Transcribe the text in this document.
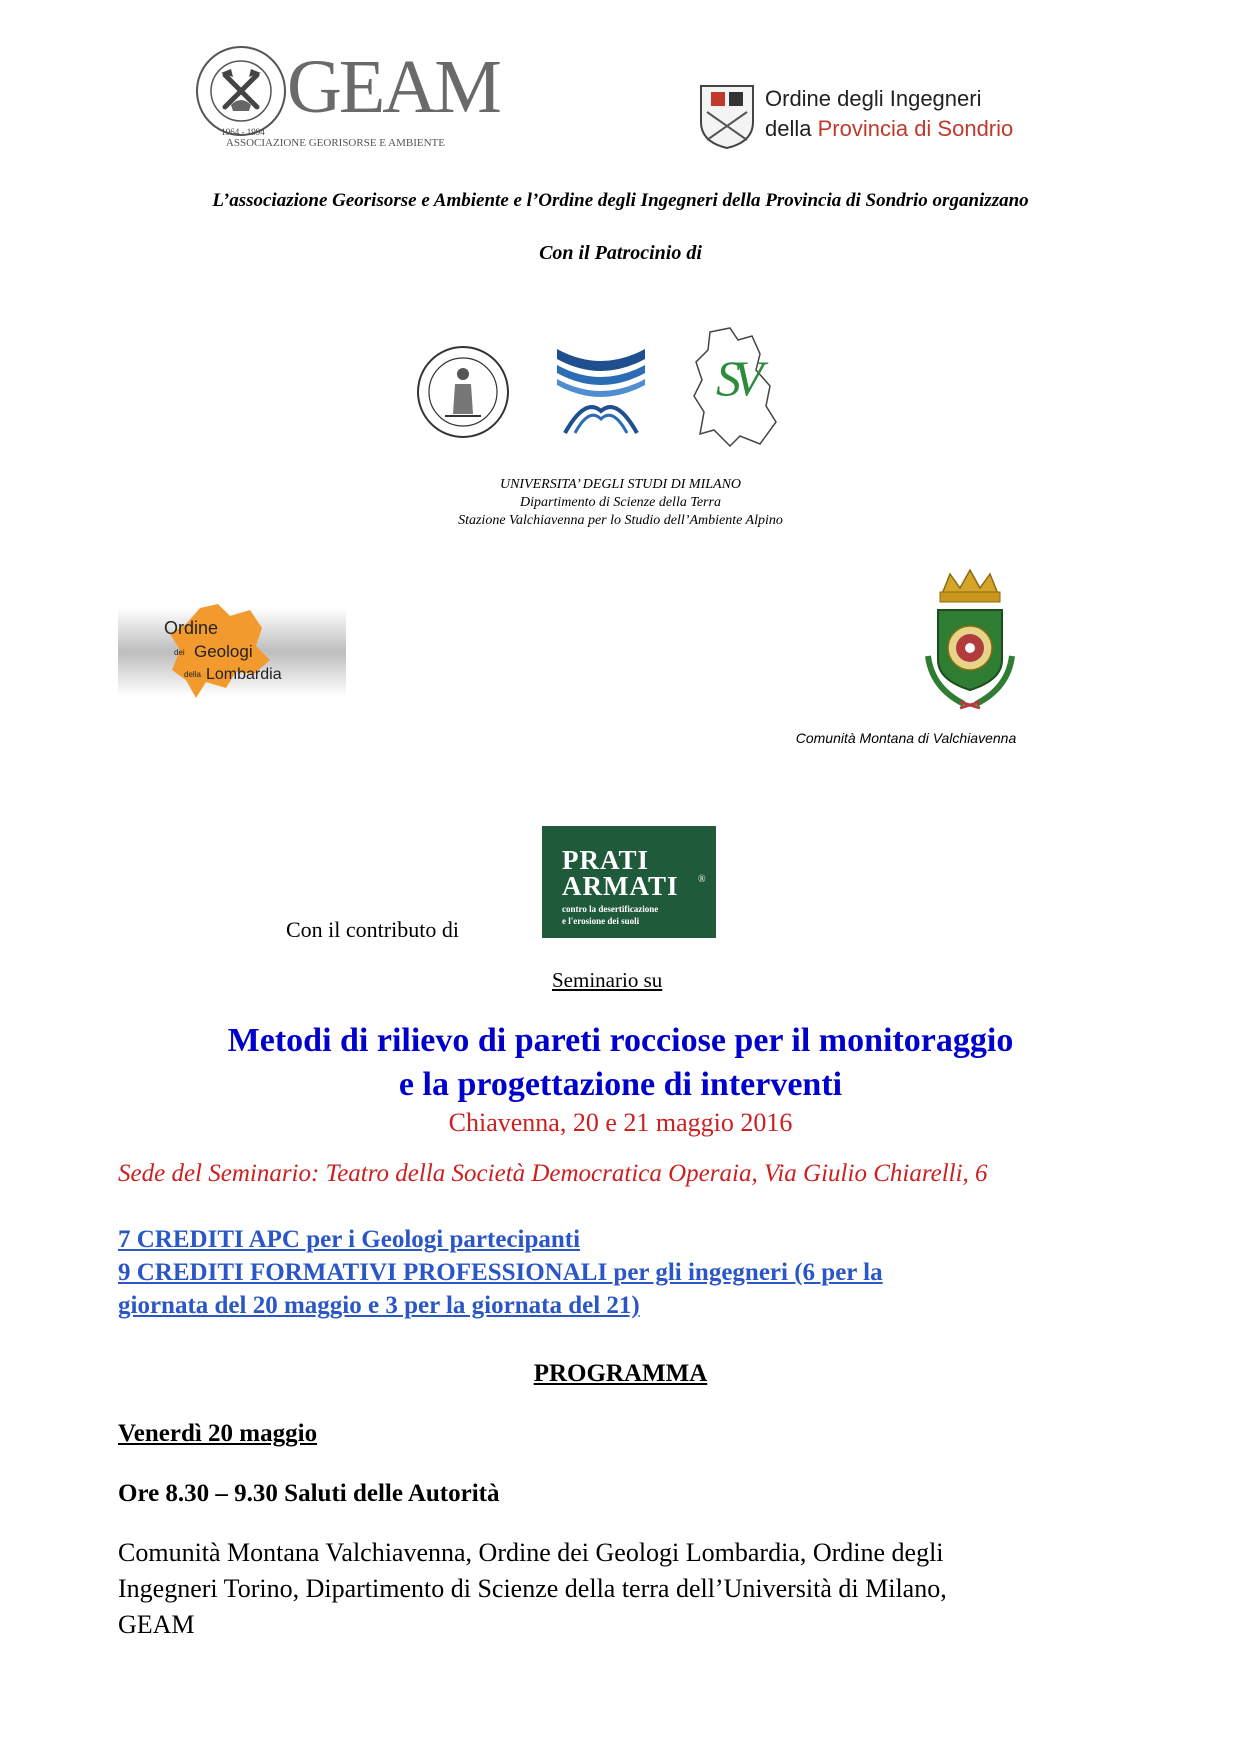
1964 - 1994
GEAM
ASSOCIAZIONE GEORISORSE E AMBIENTE
Ordine degli Ingegneri
della Provincia di Sondrio
L’associazione Georisorse e Ambiente e l’Ordine degli Ingegneri della Provincia di Sondrio organizzano
Con il Patrocinio di
SV
UNIVERSITA’ DEGLI STUDI DI MILANO
Dipartimento di Scienze della Terra
Stazione Valchiavenna per lo Studio dell’Ambiente Alpino
Ordine
dei Geologi
della Lombardia
Comunità Montana di Valchiavenna
Con il contributo di
PRATI
ARMATI ®
contro la desertificazione
e l'erosione dei suoli
Seminario su
Metodi di rilievo di pareti rocciose per il monitoraggio
e la progettazione di interventi
Chiavenna, 20 e 21 maggio 2016
Sede del Seminario: Teatro della Società Democratica Operaia, Via Giulio Chiarelli, 6
7 CREDITI APC per i Geologi partecipanti
9 CREDITI FORMATIVI PROFESSIONALI per gli ingegneri (6 per la
giornata del 20 maggio e 3 per la giornata del 21)
PROGRAMMA
Venerdì 20 maggio
Ore 8.30 – 9.30 Saluti delle Autorità
Comunità Montana Valchiavenna, Ordine dei Geologi Lombardia, Ordine degli
Ingegneri Torino, Dipartimento di Scienze della terra dell’Università di Milano,
GEAM
